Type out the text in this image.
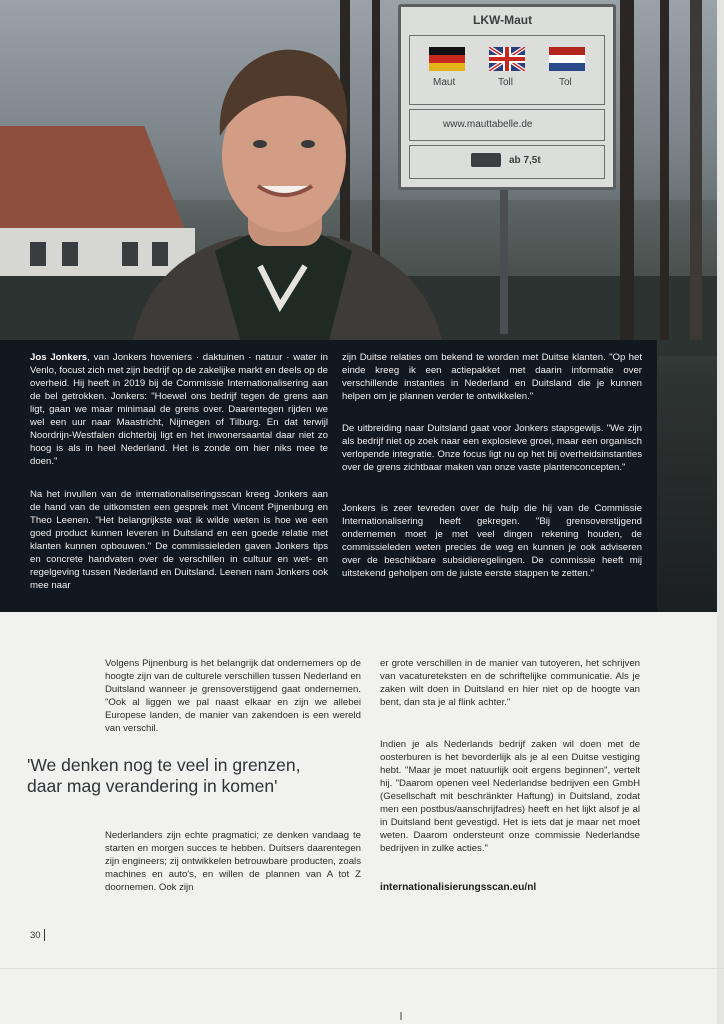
LKW-Maut
Maut	Toll	Tol
www.mauttabelle.de
ab 7,5t
Jos Jonkers, van Jonkers hoveniers · daktuinen · natuur · water in Venlo, focust zich met zijn bedrijf op de zakelijke markt en deels op de overheid. Hij heeft in 2019 bij de Commissie Internationalisering aan de bel getrokken. Jonkers: "Hoewel ons bedrijf tegen de grens aan ligt, gaan we maar minimaal de grens over. Daarentegen rijden we wel een uur naar Maastricht, Nijmegen of Tilburg. En dat terwijl Noordrijn-Westfalen dichterbij ligt en het inwonersaantal daar niet zo hoog is als in heel Nederland. Het is zonde om hier niks mee te doen."
Na het invullen van de internationaliseringsscan kreeg Jonkers aan de hand van de uitkomsten een gesprek met Vincent Pijnenburg en Theo Leenen. "Het belangrijkste wat ik wilde weten is hoe we een goed product kunnen leveren in Duitsland en een goede relatie met klanten kunnen opbouwen." De commissieleden gaven Jonkers tips en concrete handvaten over de verschillen in cultuur en wet- en regelgeving tussen Nederland en Duitsland. Leenen nam Jonkers ook mee naar
zijn Duitse relaties om bekend te worden met Duitse klanten. "Op het einde kreeg ik een actiepakket met daarin informatie over verschillende instanties in Nederland en Duitsland die je kunnen helpen om je plannen verder te ontwikkelen."
De uitbreiding naar Duitsland gaat voor Jonkers stapsgewijs. "We zijn als bedrijf niet op zoek naar een explosieve groei, maar een organisch verlopende integratie. Onze focus ligt nu op het bij overheidsinstanties over de grens zichtbaar maken van onze vaste plantenconcepten."
Jonkers is zeer tevreden over de hulp die hij van de Commissie Internationalisering heeft gekregen. "Bij grensoverstijgend ondernemen moet je met veel dingen rekening houden, de commissieleden weten precies de weg en kunnen je ook adviseren over de beschikbare subsidieregelingen. De commissie heeft mij uitstekend geholpen om de juiste eerste stappen te zetten."
Volgens Pijnenburg is het belangrijk dat ondernemers op de hoogte zijn van de culturele verschillen tussen Nederland en Duitsland wanneer je grensoverstijgend gaat ondernemen. "Ook al liggen we pal naast elkaar en zijn we allebei Europese landen, de manier van zakendoen is een wereld van verschil.
'We denken nog te veel in grenzen, daar mag verandering in komen'
Nederlanders zijn echte pragmatici; ze denken vandaag te starten en morgen succes te hebben. Duitsers daarentegen zijn engineers; zij ontwikkelen betrouwbare producten, zoals machines en auto's, en willen de plannen van A tot Z doornemen. Ook zijn
er grote verschillen in de manier van tutoyeren, het schrijven van vacatureteksten en de schriftelijke communicatie. Als je zaken wilt doen in Duitsland en hier niet op de hoogte van bent, dan sta je al flink achter."
Indien je als Nederlands bedrijf zaken wil doen met de oosterburen is het bevorderlijk als je al een Duitse vestiging hebt. "Maar je moet natuurlijk ooit ergens beginnen", vertelt hij. "Daarom openen veel Nederlandse bedrijven een GmbH (Gesellschaft mit beschränkter Haftung) in Duitsland, zodat men een postbus/aanschrijfadres) heeft en het lijkt alsof je al in Duitsland bent gevestigd. Het is iets dat je maar net moet weten. Daarom ondersteunt onze commissie Nederlandse bedrijven in zulke acties."
internationalisierungsscan.eu/nl
30
